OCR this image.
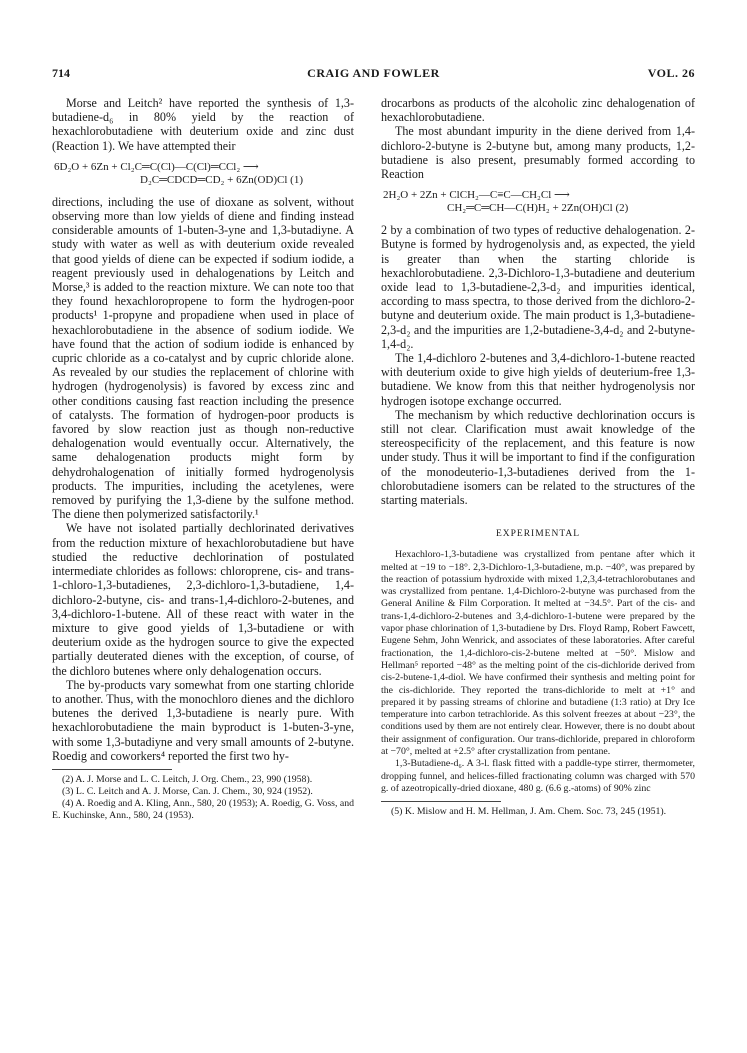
714	CRAIG AND FOWLER	VOL. 26

Morse and Leitch² have reported the synthesis of 1,3-butadiene-d₆ in 80% yield by the reaction of hexachlorobutadiene with deuterium oxide and zinc dust (Reaction 1). We have attempted their

6D₂O + 6Zn + Cl₂C═C(Cl)—C(Cl)═CCl₂ ⟶
D₂C═CDCD═CD₂ + 6Zn(OD)Cl (1)

directions, including the use of dioxane as solvent, without observing more than low yields of diene and finding instead considerable amounts of 1-buten-3-yne and 1,3-butadiyne. A study with water as well as with deuterium oxide revealed that good yields of diene can be expected if sodium iodide, a reagent previously used in dehalogenations by Leitch and Morse,³ is added to the reaction mixture. We can note too that they found hexachloropropene to form the hydrogen-poor products¹ 1-propyne and propadiene when used in place of hexachlorobutadiene in the absence of sodium iodide. We have found that the action of sodium iodide is enhanced by cupric chloride as a co-catalyst and by cupric chloride alone. As revealed by our studies the replacement of chlorine with hydrogen (hydrogenolysis) is favored by excess zinc and other conditions causing fast reaction including the presence of catalysts. The formation of hydrogen-poor products is favored by slow reaction just as though non-reductive dehalogenation would eventually occur. Alternatively, the same dehalogenation products might form by dehydrohalogenation of initially formed hydrogenolysis products. The impurities, including the acetylenes, were removed by purifying the 1,3-diene by the sulfone method. The diene then polymerized satisfactorily.¹

We have not isolated partially dechlorinated derivatives from the reduction mixture of hexachlorobutadiene but have studied the reductive dechlorination of postulated intermediate chlorides as follows: chloroprene, cis- and trans-1-chloro-1,3-butadienes, 2,3-dichloro-1,3-butadiene, 1,4-dichloro-2-butyne, cis- and trans-1,4-dichloro-2-butenes, and 3,4-dichloro-1-butene. All of these react with water in the mixture to give good yields of 1,3-butadiene or with deuterium oxide as the hydrogen source to give the expected partially deuterated dienes with the exception, of course, of the dichloro butenes where only dehalogenation occurs.

The by-products vary somewhat from one starting chloride to another. Thus, with the monochloro dienes and the dichloro butenes the derived 1,3-butadiene is nearly pure. With hexachlorobutadiene the main byproduct is 1-buten-3-yne, with some 1,3-butadiyne and very small amounts of 2-butyne. Roedig and coworkers⁴ reported the first two hy-

(2) A. J. Morse and L. C. Leitch, J. Org. Chem., 23, 990 (1958).

(3) L. C. Leitch and A. J. Morse, Can. J. Chem., 30, 924 (1952).

(4) A. Roedig and A. Kling, Ann., 580, 20 (1953); A. Roedig, G. Voss, and E. Kuchinske, Ann., 580, 24 (1953).

drocarbons as products of the alcoholic zinc dehalogenation of hexachlorobutadiene.

The most abundant impurity in the diene derived from 1,4-dichloro-2-butyne is 2-butyne but, among many products, 1,2-butadiene is also present, presumably formed according to Reaction

2H₂O + 2Zn + ClCH₂—C≡C—CH₂Cl ⟶
CH₂═C═CH—C(H)H₂ + 2Zn(OH)Cl (2)

2 by a combination of two types of reductive dehalogenation. 2-Butyne is formed by hydrogenolysis and, as expected, the yield is greater than when the starting chloride is hexachlorobutadiene. 2,3-Dichloro-1,3-butadiene and deuterium oxide lead to 1,3-butadiene-2,3-d₂ and impurities identical, according to mass spectra, to those derived from the dichloro-2-butyne and deuterium oxide. The main product is 1,3-butadiene-2,3-d₂ and the impurities are 1,2-butadiene-3,4-d₂ and 2-butyne-1,4-d₂.

The 1,4-dichloro 2-butenes and 3,4-dichloro-1-butene reacted with deuterium oxide to give high yields of deuterium-free 1,3-butadiene. We know from this that neither hydrogenolysis nor hydrogen isotope exchange occurred.

The mechanism by which reductive dechlorination occurs is still not clear. Clarification must await knowledge of the stereospecificity of the replacement, and this feature is now under study. Thus it will be important to find if the configuration of the monodeuterio-1,3-butadienes derived from the 1-chlorobutadiene isomers can be related to the structures of the starting materials.

EXPERIMENTAL

Hexachloro-1,3-butadiene was crystallized from pentane after which it melted at −19 to −18°. 2,3-Dichloro-1,3-butadiene, m.p. −40°, was prepared by the reaction of potassium hydroxide with mixed 1,2,3,4-tetrachlorobutanes and was crystallized from pentane. 1,4-Dichloro-2-butyne was purchased from the General Aniline & Film Corporation. It melted at −34.5°. Part of the cis- and trans-1,4-dichloro-2-butenes and 3,4-dichloro-1-butene were prepared by the vapor phase chlorination of 1,3-butadiene by Drs. Floyd Ramp, Robert Fawcett, Eugene Sehm, John Wenrick, and associates of these laboratories. After careful fractionation, the 1,4-dichloro-cis-2-butene melted at −50°. Mislow and Hellman⁵ reported −48° as the melting point of the cis-dichloride derived from cis-2-butene-1,4-diol. We have confirmed their synthesis and melting point for the cis-dichloride. They reported the trans-dichloride to melt at +1° and prepared it by passing streams of chlorine and butadiene (1:3 ratio) at Dry Ice temperature into carbon tetrachloride. As this solvent freezes at about −23°, the conditions used by them are not entirely clear. However, there is no doubt about their assignment of configuration. Our trans-dichloride, prepared in chloroform at −70°, melted at +2.5° after crystallization from pentane.

1,3-Butadiene-d₆. A 3-l. flask fitted with a paddle-type stirrer, thermometer, dropping funnel, and helices-filled fractionating column was charged with 570 g. of azeotropically-dried dioxane, 480 g. (6.6 g.-atoms) of 90% zinc

(5) K. Mislow and H. M. Hellman, J. Am. Chem. Soc. 73, 245 (1951).
